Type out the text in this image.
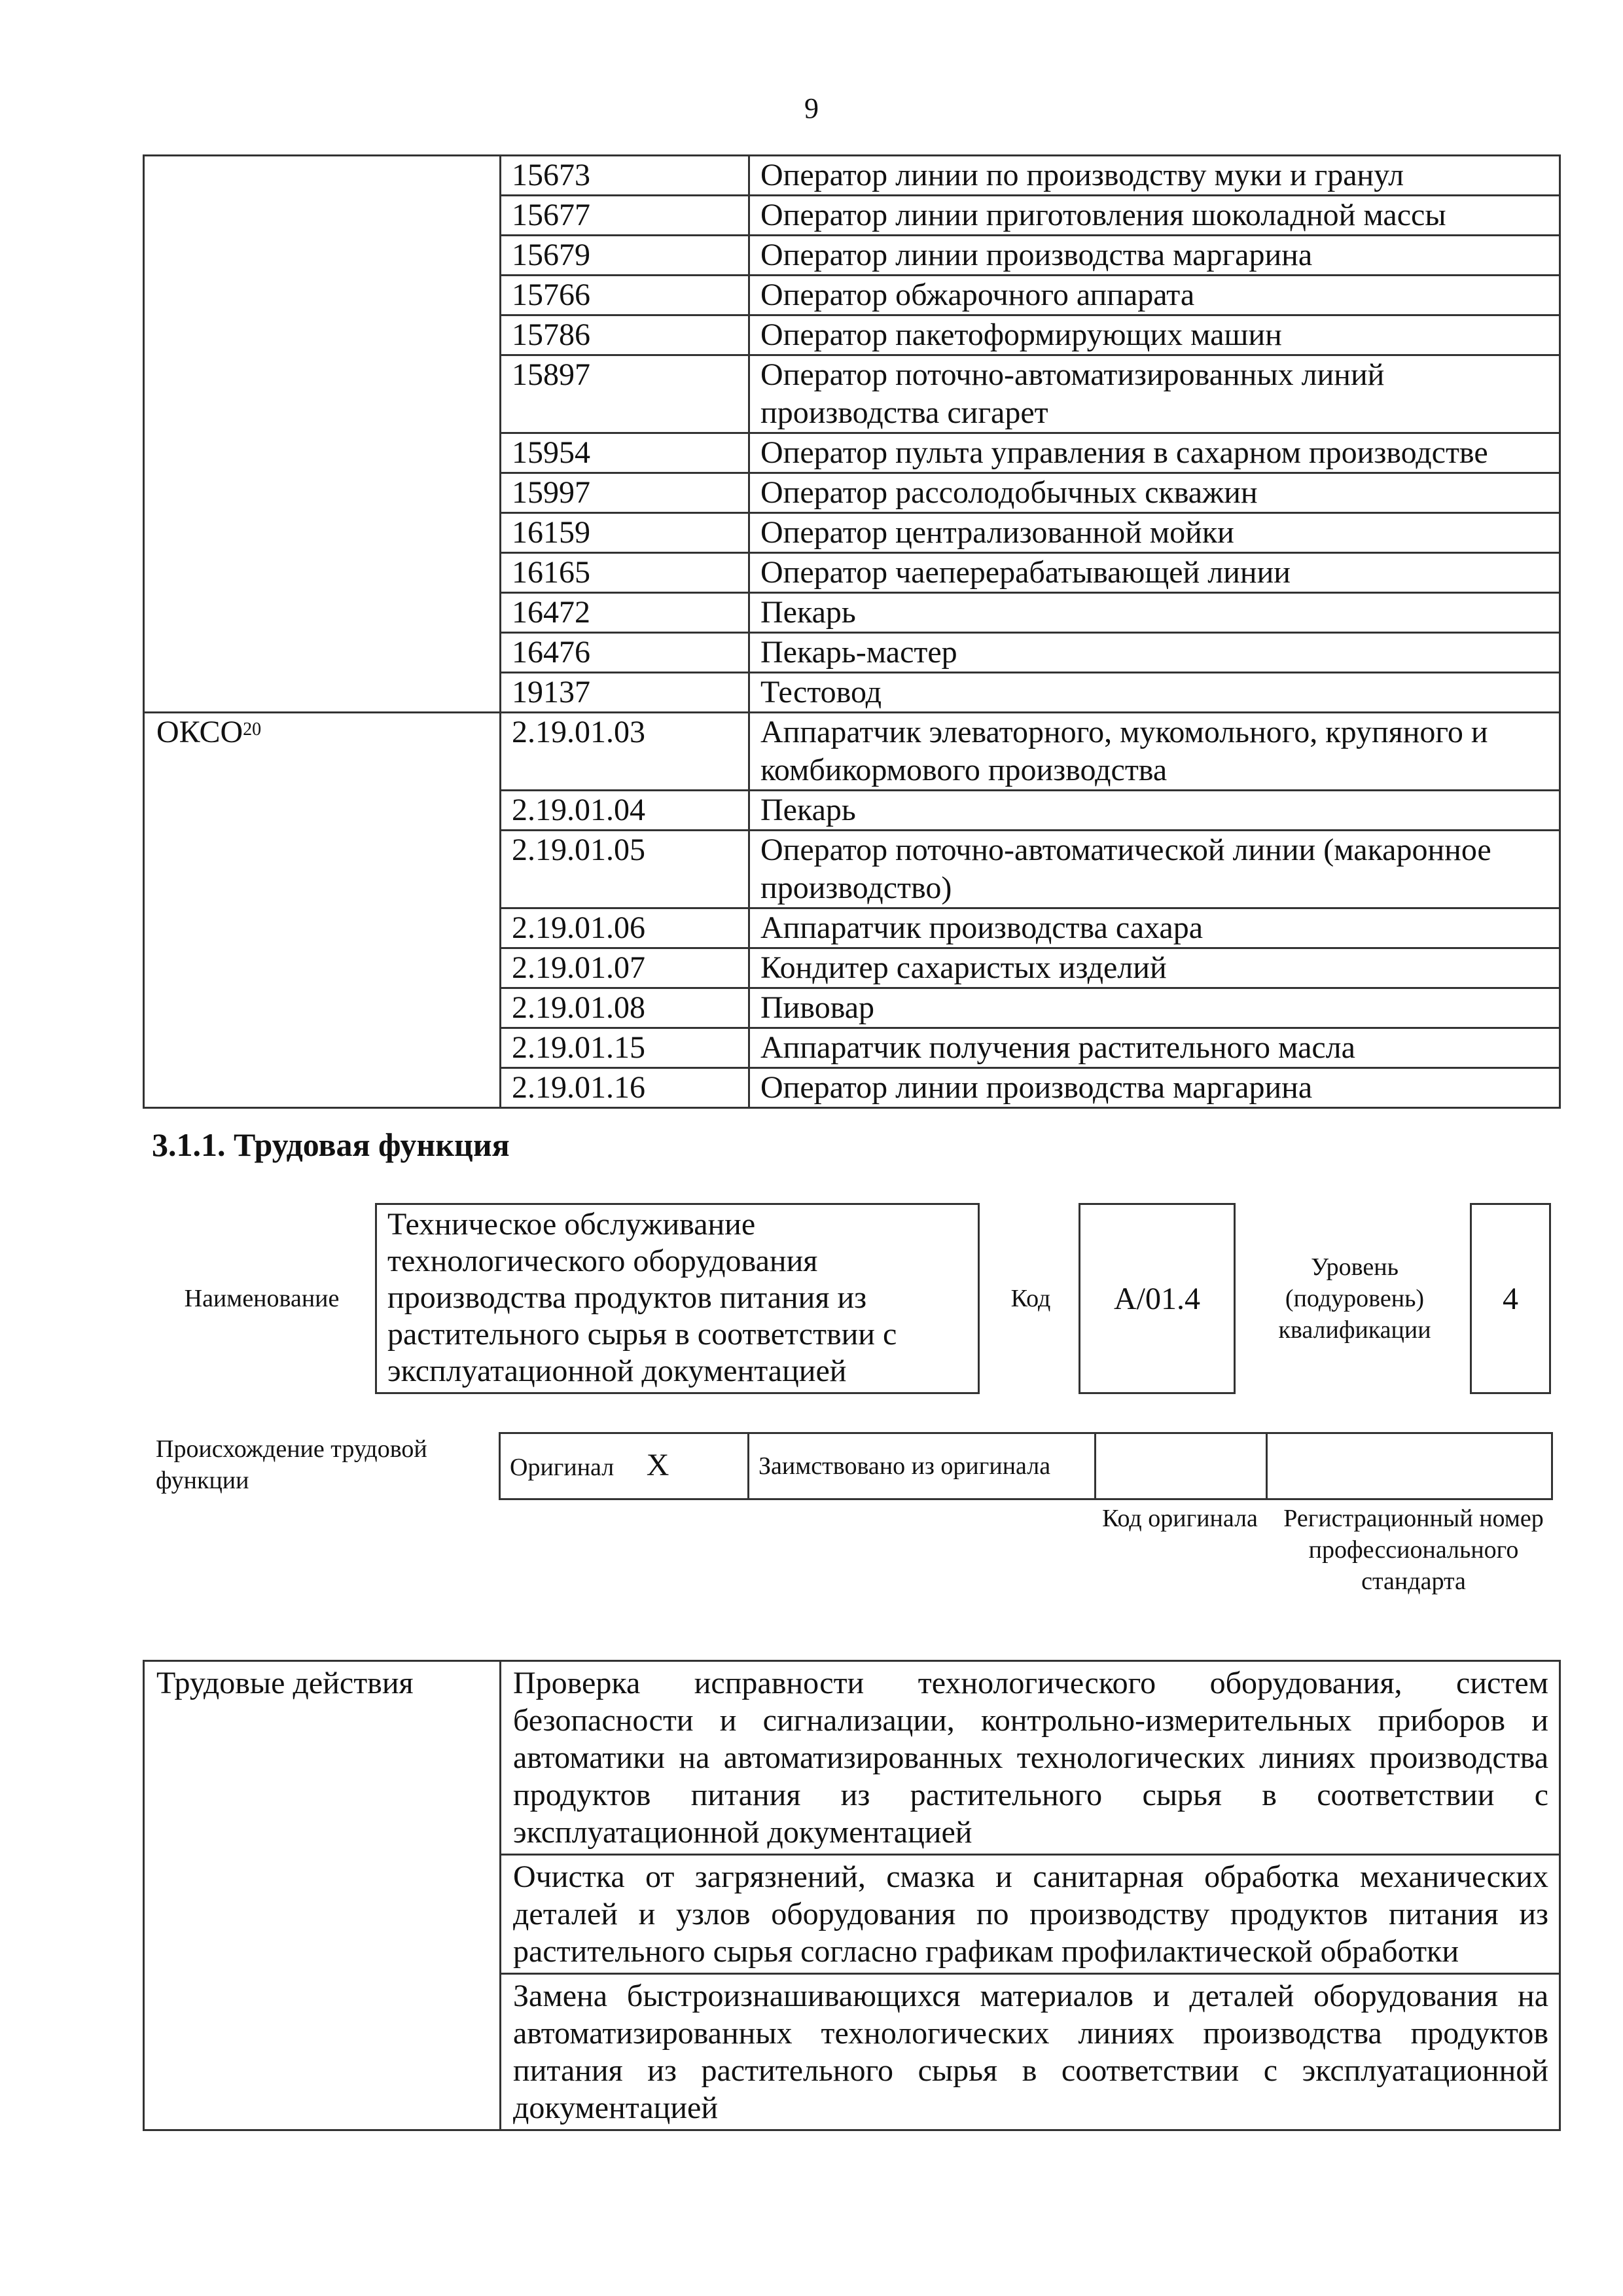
9
	15673	Оператор линии по производству муки и гранул
	15677	Оператор линии приготовления шоколадной массы
	15679	Оператор линии производства маргарина
	15766	Оператор обжарочного аппарата
	15786	Оператор пакетоформирующих машин
	15897	Оператор поточно-автоматизированных линий производства сигарет
	15954	Оператор пульта управления в сахарном производстве
	15997	Оператор рассолодобычных скважин
	16159	Оператор централизованной мойки
	16165	Оператор чаеперерабатывающей линии
	16472	Пекарь
	16476	Пекарь-мастер
	19137	Тестовод
ОКСО$^{20}$	2.19.01.03	Аппаратчик элеваторного, мукомольного, крупяного и комбикормового производства
	2.19.01.04	Пекарь
	2.19.01.05	Оператор поточно-автоматической линии (макаронное производство)
	2.19.01.06	Аппаратчик производства сахара
	2.19.01.07	Кондитер сахаристых изделий
	2.19.01.08	Пивовар
	2.19.01.15	Аппаратчик получения растительного масла
	2.19.01.16	Оператор линии производства маргарина
3.1.1. Трудовая функция
Наименование
Техническое обслуживание технологического оборудования производства продуктов питания из растительного сырья в соответствии с эксплуатационной документацией
Код	A/01.4
Уровень (подуровень) квалификации
4
Происхождение трудовой функции	Оригинал X	Заимствовано из оригинала		
Код оригинала	Регистрационный номер профессионального стандарта
Трудовые действия	Проверка исправности технологического оборудования, систем безопасности и сигнализации, контрольно-измерительных приборов и автоматики на автоматизированных технологических линиях производства продуктов питания из растительного сырья в соответствии с эксплуатационной документацией
Очистка от загрязнений, смазка и санитарная обработка механических деталей и узлов оборудования по производству продуктов питания из растительного сырья согласно графикам профилактической обработки
Замена быстроизнашивающихся материалов и деталей оборудования на автоматизированных технологических линиях производства продуктов питания из растительного сырья в соответствии с эксплуатационной документацией
